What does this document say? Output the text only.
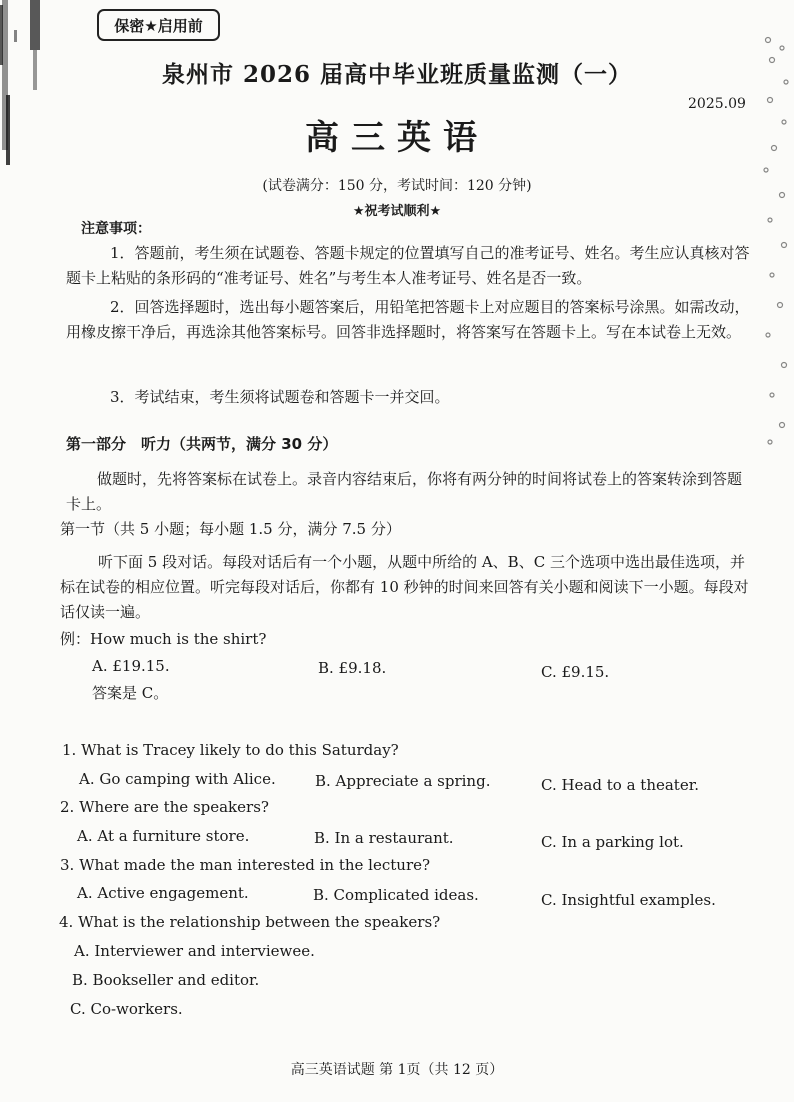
保密★启用前
泉州市 2026 届高中毕业班质量监测（一）
2025.09
高三英语
(试卷满分：150 分，考试时间：120 分钟)
★祝考试顺利★
注意事项：
1．答题前，考生须在试题卷、答题卡规定的位置填写自己的准考证号、姓名。考生应认真核对答题卡上粘贴的条形码的“准考证号、姓名”与考生本人准考证号、姓名是否一致。
2．回答选择题时，选出每小题答案后，用铅笔把答题卡上对应题目的答案标号涂黑。如需改动，用橡皮擦干净后，再选涂其他答案标号。回答非选择题时，将答案写在答题卡上。写在本试卷上无效。
3．考试结束，考生须将试题卷和答题卡一并交回。
第一部分　听力（共两节，满分 30 分）
做题时，先将答案标在试卷上。录音内容结束后，你将有两分钟的时间将试卷上的答案转涂到答题卡上。
第一节（共 5 小题；每小题 1.5 分，满分 7.5 分）
听下面 5 段对话。每段对话后有一个小题，从题中所给的 A、B、C 三个选项中选出最佳选项，并标在试卷的相应位置。听完每段对话后，你都有 10 秒钟的时间来回答有关小题和阅读下一小题。每段对话仅读一遍。
例：How much is the shirt?
A. £19.15.	B. £9.18.	C. £9.15.
答案是 C。
1. What is Tracey likely to do this Saturday?
A. Go camping with Alice.	B. Appreciate a spring.	C. Head to a theater.
2. Where are the speakers?
A. At a furniture store.	B. In a restaurant.	C. In a parking lot.
3. What made the man interested in the lecture?
A. Active engagement.	B. Complicated ideas.	C. Insightful examples.
4. What is the relationship between the speakers?
A. Interviewer and interviewee.
B. Bookseller and editor.
C. Co-workers.
高三英语试题 第 1页（共 12 页）
